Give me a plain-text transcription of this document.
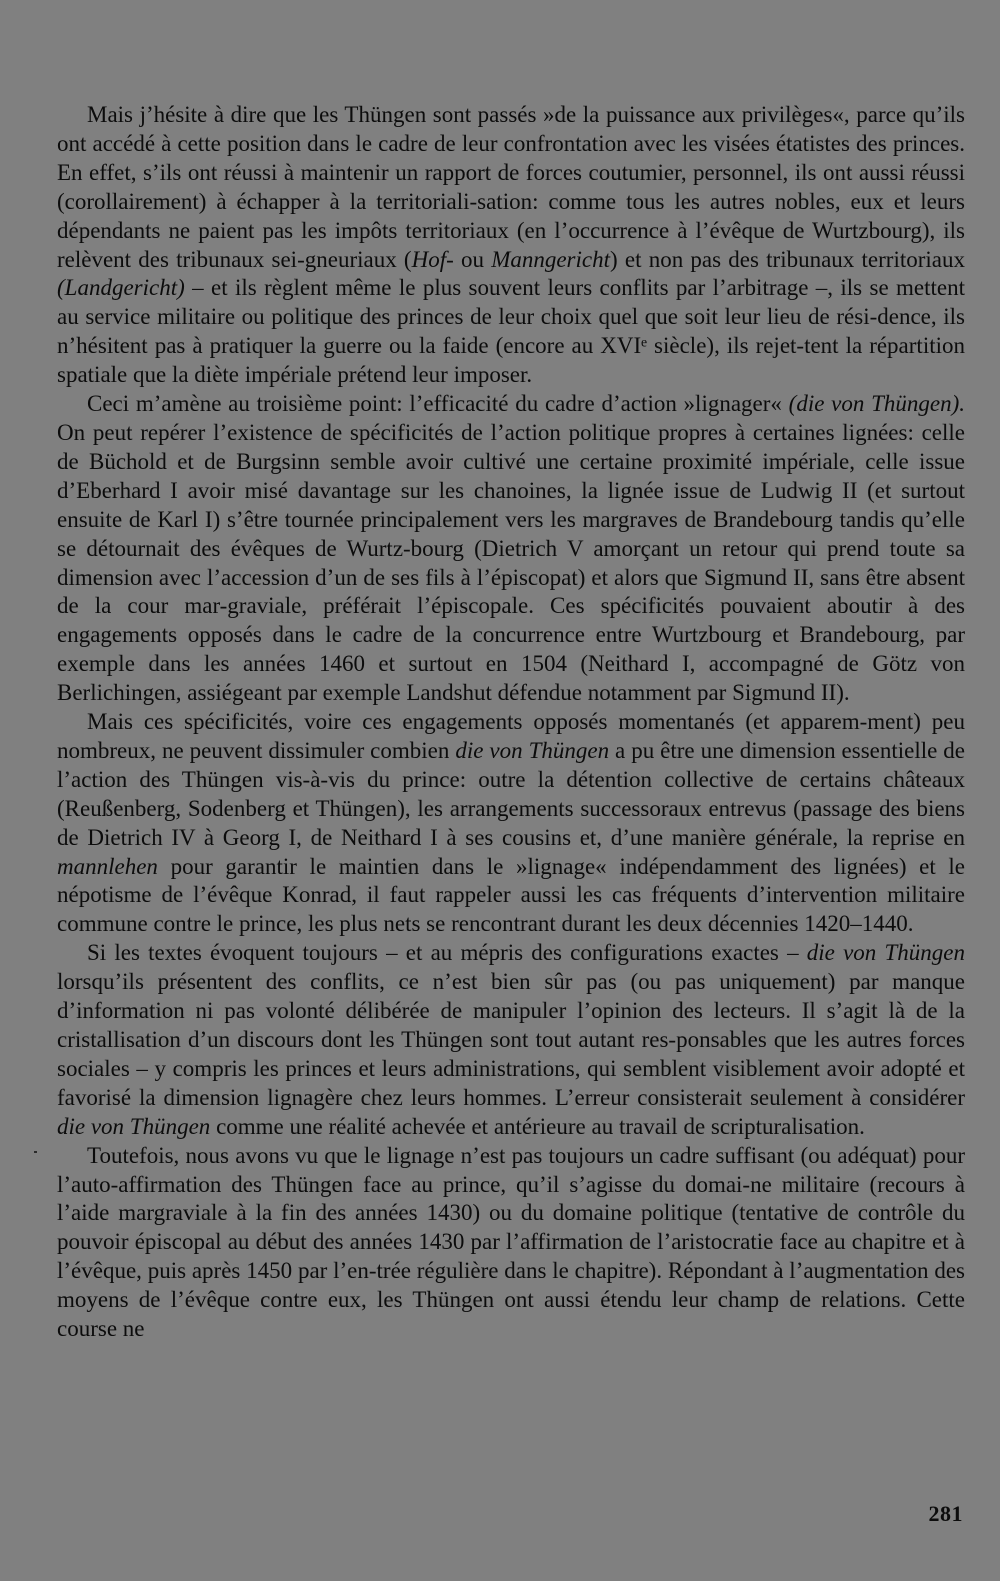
Mais j’hésite à dire que les Thüngen sont passés »de la puissance aux privilèges«, parce qu’ils ont accédé à cette position dans le cadre de leur confrontation avec les visées étatistes des princes. En effet, s’ils ont réussi à maintenir un rapport de forces coutumier, personnel, ils ont aussi réussi (corollairement) à échapper à la territoriali-sation: comme tous les autres nobles, eux et leurs dépendants ne paient pas les impôts territoriaux (en l’occurrence à l’évêque de Wurtzbourg), ils relèvent des tribunaux sei-gneuriaux (Hof- ou Manngericht) et non pas des tribunaux territoriaux (Landgericht) – et ils règlent même le plus souvent leurs conflits par l’arbitrage –, ils se mettent au service militaire ou politique des princes de leur choix quel que soit leur lieu de rési-dence, ils n’hésitent pas à pratiquer la guerre ou la faide (encore au XVIᵉ siècle), ils rejet-tent la répartition spatiale que la diète impériale prétend leur imposer.

Ceci m’amène au troisième point: l’efficacité du cadre d’action »lignager« (die von Thüngen). On peut repérer l’existence de spécificités de l’action politique propres à certaines lignées: celle de Büchold et de Burgsinn semble avoir cultivé une certaine proximité impériale, celle issue d’Eberhard I avoir misé davantage sur les chanoines, la lignée issue de Ludwig II (et surtout ensuite de Karl I) s’être tournée principalement vers les margraves de Brandebourg tandis qu’elle se détournait des évêques de Wurtz-bourg (Dietrich V amorçant un retour qui prend toute sa dimension avec l’accession d’un de ses fils à l’épiscopat) et alors que Sigmund II, sans être absent de la cour mar-graviale, préférait l’épiscopale. Ces spécificités pouvaient aboutir à des engagements opposés dans le cadre de la concurrence entre Wurtzbourg et Brandebourg, par exemple dans les années 1460 et surtout en 1504 (Neithard I, accompagné de Götz von Berlichingen, assiégeant par exemple Landshut défendue notamment par Sigmund II).

Mais ces spécificités, voire ces engagements opposés momentanés (et apparem-ment) peu nombreux, ne peuvent dissimuler combien die von Thüngen a pu être une dimension essentielle de l’action des Thüngen vis-à-vis du prince: outre la détention collective de certains châteaux (Reußenberg, Sodenberg et Thüngen), les arrangements successoraux entrevus (passage des biens de Dietrich IV à Georg I, de Neithard I à ses cousins et, d’une manière générale, la reprise en mannlehen pour garantir le maintien dans le »lignage« indépendamment des lignées) et le népotisme de l’évêque Konrad, il faut rappeler aussi les cas fréquents d’intervention militaire commune contre le prince, les plus nets se rencontrant durant les deux décennies 1420–1440.

Si les textes évoquent toujours – et au mépris des configurations exactes – die von Thüngen lorsqu’ils présentent des conflits, ce n’est bien sûr pas (ou pas uniquement) par manque d’information ni pas volonté délibérée de manipuler l’opinion des lecteurs. Il s’agit là de la cristallisation d’un discours dont les Thüngen sont tout autant res-ponsables que les autres forces sociales – y compris les princes et leurs administrations, qui semblent visiblement avoir adopté et favorisé la dimension lignagère chez leurs hommes. L’erreur consisterait seulement à considérer die von Thüngen comme une réalité achevée et antérieure au travail de scripturalisation.

Toutefois, nous avons vu que le lignage n’est pas toujours un cadre suffisant (ou adéquat) pour l’auto-affirmation des Thüngen face au prince, qu’il s’agisse du domai-ne militaire (recours à l’aide margraviale à la fin des années 1430) ou du domaine politique (tentative de contrôle du pouvoir épiscopal au début des années 1430 par l’affirmation de l’aristocratie face au chapitre et à l’évêque, puis après 1450 par l’en-trée régulière dans le chapitre). Répondant à l’augmentation des moyens de l’évêque contre eux, les Thüngen ont aussi étendu leur champ de relations. Cette course ne

281
